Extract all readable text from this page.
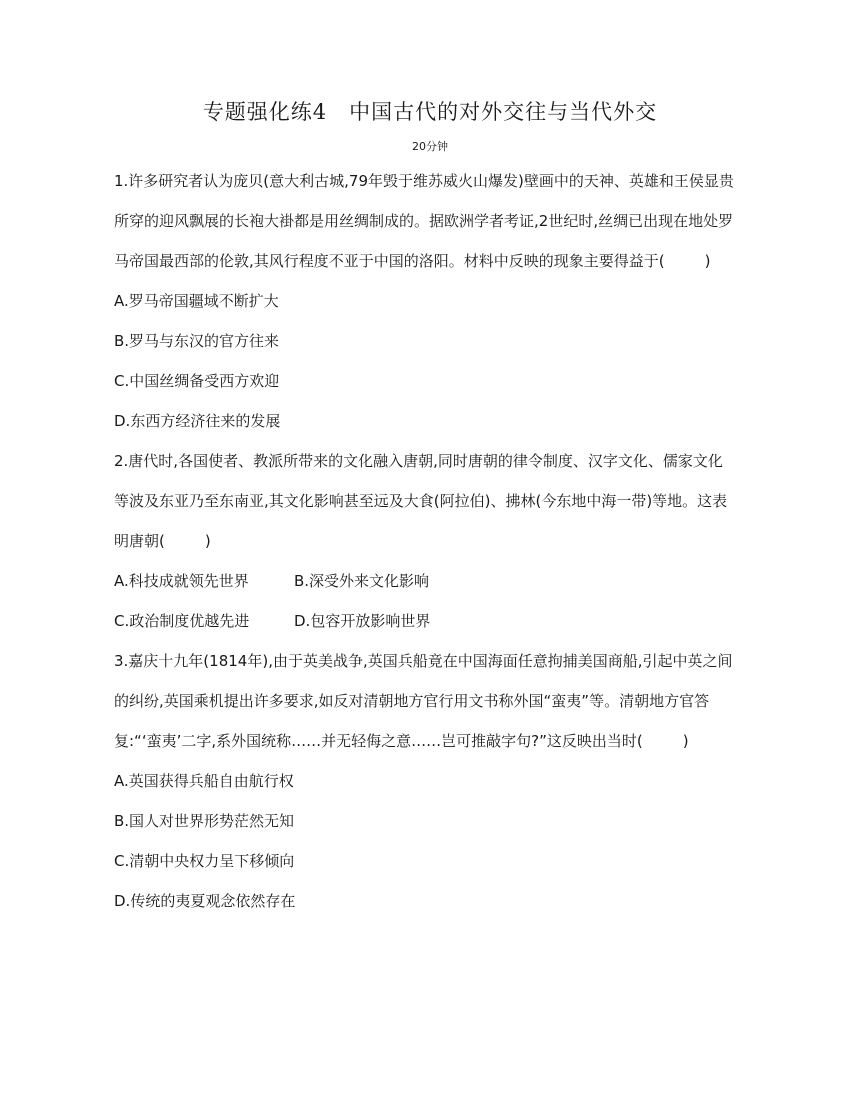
专题强化练4　中国古代的对外交往与当代外交
20分钟
1.许多研究者认为庞贝(意大利古城,79年毁于维苏威火山爆发)壁画中的天神、英雄和王侯显贵
所穿的迎风飘展的长袍大褂都是用丝绸制成的。据欧洲学者考证,2世纪时,丝绸已出现在地处罗
马帝国最西部的伦敦,其风行程度不亚于中国的洛阳。材料中反映的现象主要得益于(	)
A.罗马帝国疆域不断扩大
B.罗马与东汉的官方往来
C.中国丝绸备受西方欢迎
D.东西方经济往来的发展
2.唐代时,各国使者、教派所带来的文化融入唐朝,同时唐朝的律令制度、汉字文化、儒家文化
等波及东亚乃至东南亚,其文化影响甚至远及大食(阿拉伯)、拂林(今东地中海一带)等地。这表
明唐朝(	)
A.科技成就领先世界	B.深受外来文化影响
C.政治制度优越先进	D.包容开放影响世界
3.嘉庆十九年(1814年),由于英美战争,英国兵船竟在中国海面任意拘捕美国商船,引起中英之间
的纠纷,英国乘机提出许多要求,如反对清朝地方官行用文书称外国“蛮夷”等。清朝地方官答
复:“‘蛮夷’二字,系外国统称……并无轻侮之意……岂可推敲字句?”这反映出当时(	)
A.英国获得兵船自由航行权
B.国人对世界形势茫然无知
C.清朝中央权力呈下移倾向
D.传统的夷夏观念依然存在
